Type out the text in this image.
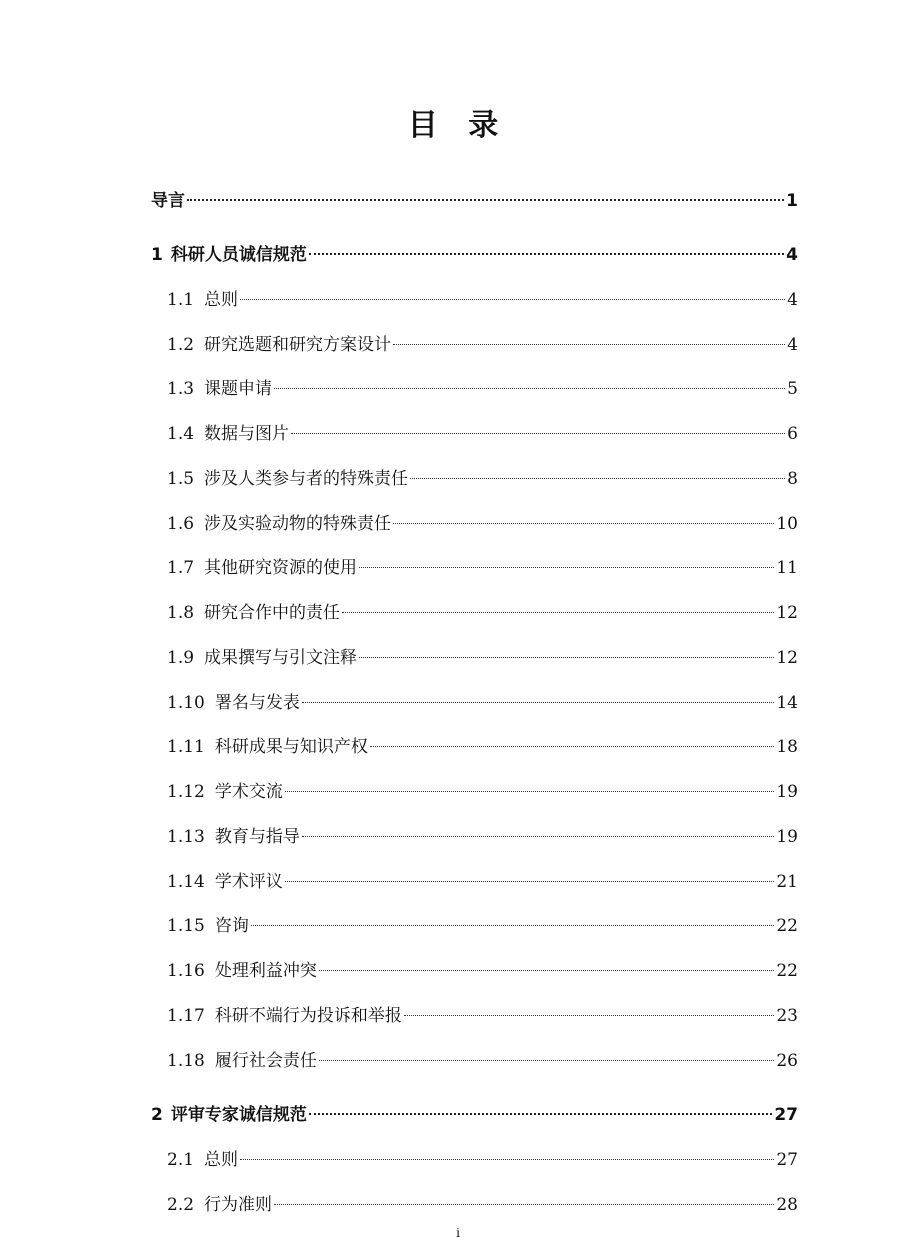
目 录
导言	1
1 科研人员诚信规范	4
1.1 总则	4
1.2 研究选题和研究方案设计	4
1.3 课题申请	5
1.4 数据与图片	6
1.5 涉及人类参与者的特殊责任	8
1.6 涉及实验动物的特殊责任	10
1.7 其他研究资源的使用	11
1.8 研究合作中的责任	12
1.9 成果撰写与引文注释	12
1.10 署名与发表	14
1.11 科研成果与知识产权	18
1.12 学术交流	19
1.13 教育与指导	19
1.14 学术评议	21
1.15 咨询	22
1.16 处理利益冲突	22
1.17 科研不端行为投诉和举报	23
1.18 履行社会责任	26
2 评审专家诚信规范	27
2.1 总则	27
2.2 行为准则	28
i
